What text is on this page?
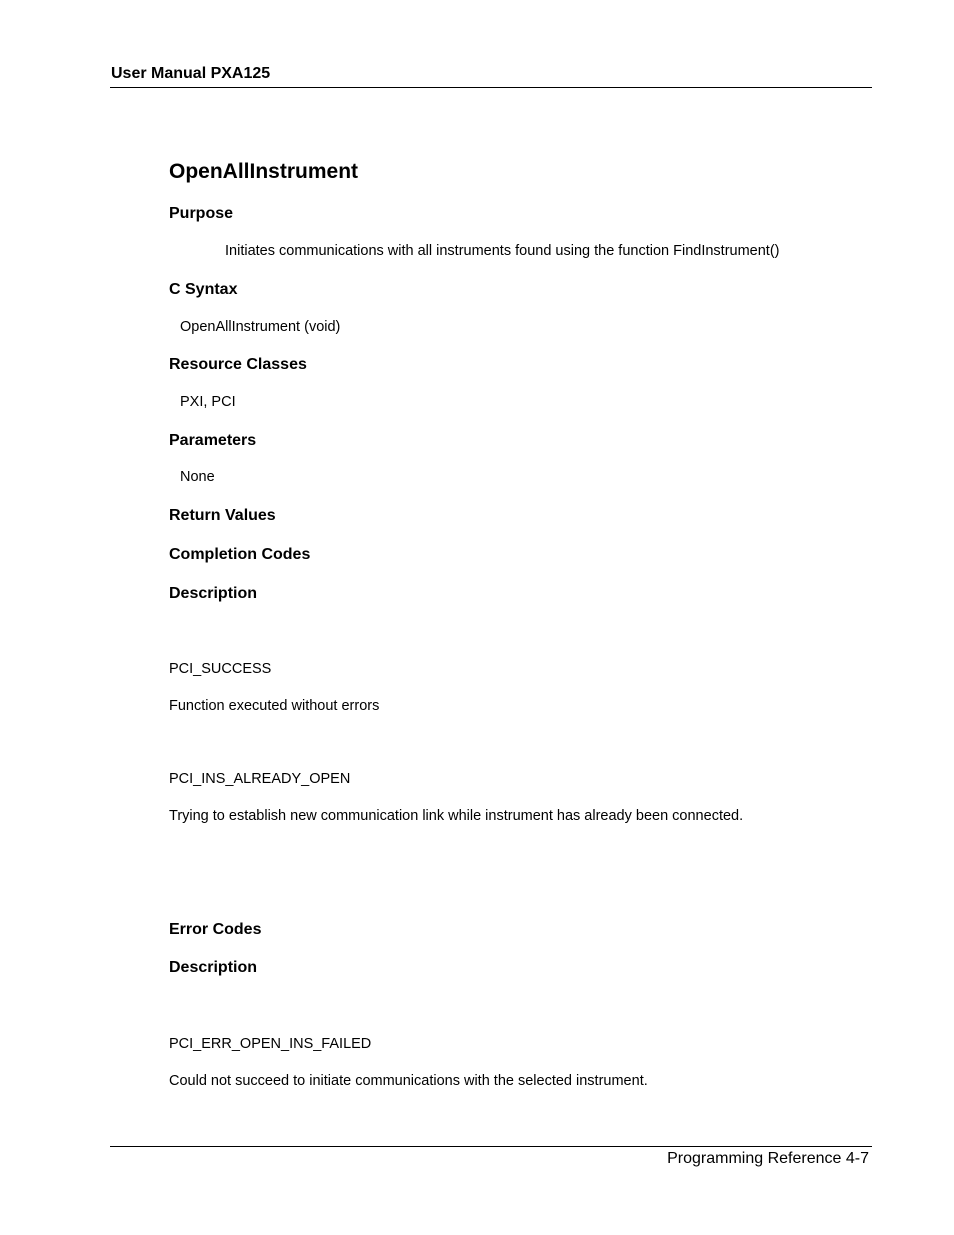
User Manual PXA125
OpenAllInstrument
Purpose
Initiates communications with all instruments found using the function FindInstrument()
C Syntax
OpenAllInstrument (void)
Resource Classes
PXI, PCI
Parameters
None
Return Values
Completion Codes
Description
PCI_SUCCESS
Function executed without errors
PCI_INS_ALREADY_OPEN
Trying to establish new communication link while instrument has already been connected.
Error Codes
Description
PCI_ERR_OPEN_INS_FAILED
Could not succeed to initiate communications with the selected instrument.
Programming Reference 4-7
